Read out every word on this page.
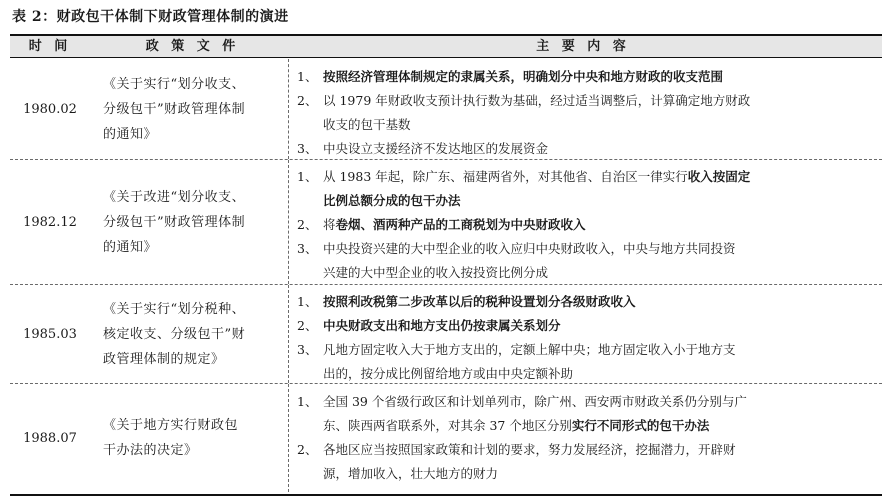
表 2：财政包干体制下财政管理体制的演进
时 间	政 策 文 件	主 要 内 容
1980.02
《关于实行“划分收支、
分级包干”财政管理体制
的通知》
1、 按照经济管理体制规定的隶属关系，明确划分中央和地方财政的收支范围
2、 以 1979 年财政收支预计执行数为基础，经过适当调整后，计算确定地方财政
收支的包干基数
3、 中央设立支援经济不发达地区的发展资金
1982.12
《关于改进“划分收支、
分级包干”财政管理体制
的通知》
1、 从 1983 年起，除广东、福建两省外，对其他省、自治区一律实行收入按固定
比例总额分成的包干办法
2、 将卷烟、酒两种产品的工商税划为中央财政收入
3、 中央投资兴建的大中型企业的收入应归中央财政收入，中央与地方共同投资
兴建的大中型企业的收入按投资比例分成
1985.03
《关于实行“划分税种、
核定收支、分级包干”财
政管理体制的规定》
1、 按照利改税第二步改革以后的税种设置划分各级财政收入
2、 中央财政支出和地方支出仍按隶属关系划分
3、 凡地方固定收入大于地方支出的，定额上解中央；地方固定收入小于地方支
出的，按分成比例留给地方或由中央定额补助
1988.07
《关于地方实行财政包
干办法的决定》
1、 全国 39 个省级行政区和计划单列市，除广州、西安两市财政关系仍分别与广
东、陕西两省联系外，对其余 37 个地区分别实行不同形式的包干办法
2、 各地区应当按照国家政策和计划的要求，努力发展经济，挖掘潜力，开辟财
源，增加收入，壮大地方的财力
